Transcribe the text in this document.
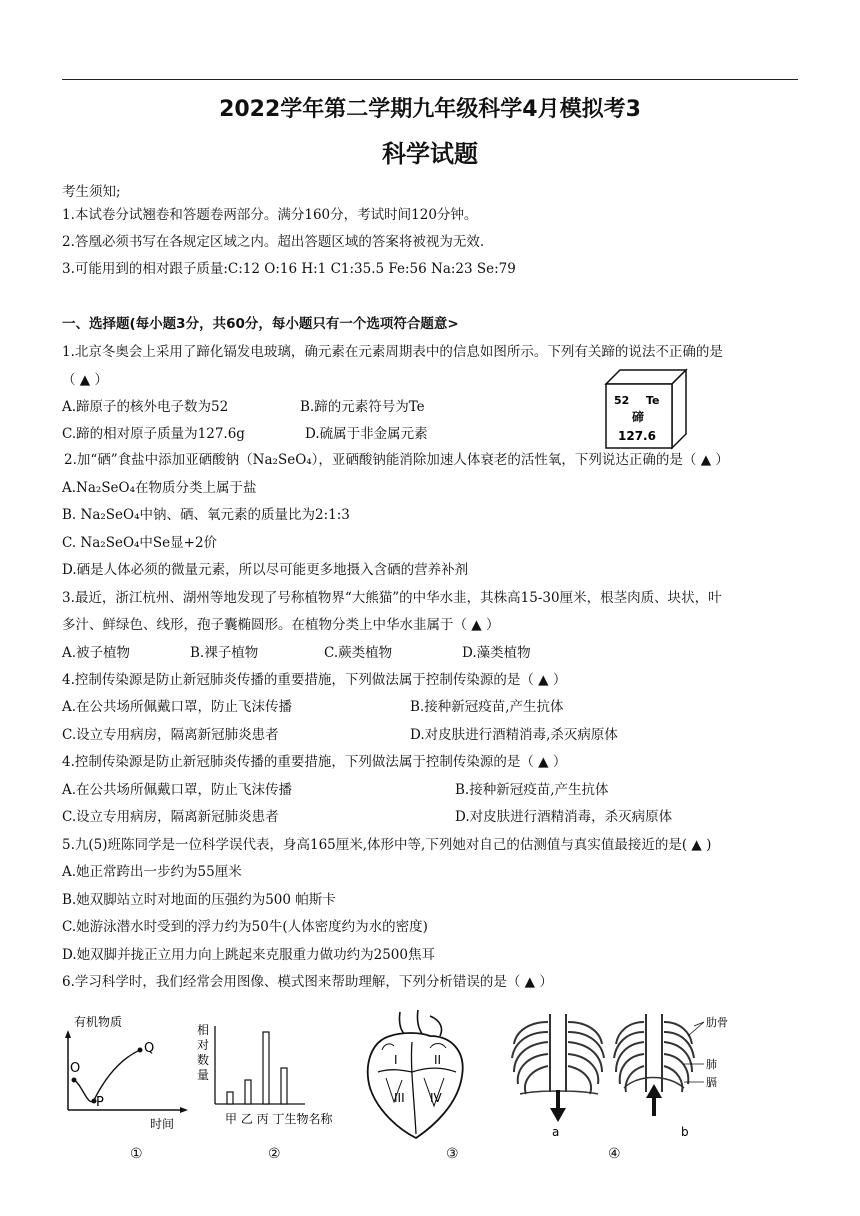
2022学年第二学期九年级科学4月模拟考3
科学试题
考生须知;
1.本试卷分试翘卷和答题卷两部分。满分160分，考试时间120分钟。
2.答凰必须书写在各规定区域之内。超出答题区域的答案将被视为无效.
3.可能用到的相对跟子质量:C:12 O:16 H:1 C1:35.5 Fe:56 Na:23 Se:79
一、选择题(每小题3分，共60分，每小题只有一个选项符合题意>
1.北京冬奥会上采用了蹄化镉发电玻璃，确元素在元素周期表中的信息如图所示。下列有关蹄的说法不正确的是
（ ▲ ）
A.蹄原子的核外电子数为52	B.蹄的元素符号为Te
C.蹄的相对原子质量为127.6g	D.硫属于非金属元素
52 Te
碲
127.6
2.加“硒”食盐中添加亚硒酸钠（Na₂SeO₄），亚硒酸钠能消除加速人体衰老的活性氧，下列说达正确的是（ ▲ ）
A.Na₂SeO₄在物质分类上属于盐
B. Na₂SeO₄中钠、硒、氧元素的质量比为2:1:3
C. Na₂SeO₄中Se显+2价
D.硒是人体必须的微量元素，所以尽可能更多地摄入含硒的营养补剂
3.最近，浙江杭州、湖州等地发现了号称植物界“大熊猫”的中华水韭，其株高15-30厘米，根茎肉质、块状，叶
多汁、鲜绿色、线形，孢子囊椭圆形。在植物分类上中华水韭属于（ ▲ ）
A.被子植物	B.裸子植物	C.蕨类植物	D.藻类植物
4.控制传染源是防止新冠肺炎传播的重要措施，下列做法属于控制传染源的是（ ▲ ）
A.在公共场所佩戴口罩，防止飞沫传播	B.接种新冠疫苗,产生抗体
C.设立专用病房，隔离新冠肺炎患者	D.对皮肤进行酒精消毒,杀灭病原体
4.控制传染源是防止新冠肺炎传播的重要措施，下列做法属于控制传染源的是（ ▲ ）
A.在公共场所佩戴口罩，防止飞沫传播	B.接种新冠疫苗,产生抗体
C.设立专用病房，隔离新冠肺炎患者	D.对皮肤进行酒精消毒，杀灭病原体
5.九(5)班陈同学是一位科学误代表，身高165厘米,体形中等,下列她对自己的估测值与真实值最接近的是( ▲ )
A.她正常跨出一步约为55厘米
B.她双脚站立时对地面的压强约为500 帕斯卡
C.她游泳潜水时受到的浮力约为50牛(人体密度约为水的密度)
D.她双脚并拢正立用力向上跳起来克服重力做功约为2500焦耳
6.学习科学时，我们经常会用图像、模式图来帮助理解，下列分析错误的是（ ▲ ）
有机物质
O
P
Q
时间
相
对
数
量
甲 乙 丙 丁生物名称
I	II
III IV
肋骨
肺
膈
a	b
①	②	③	④
